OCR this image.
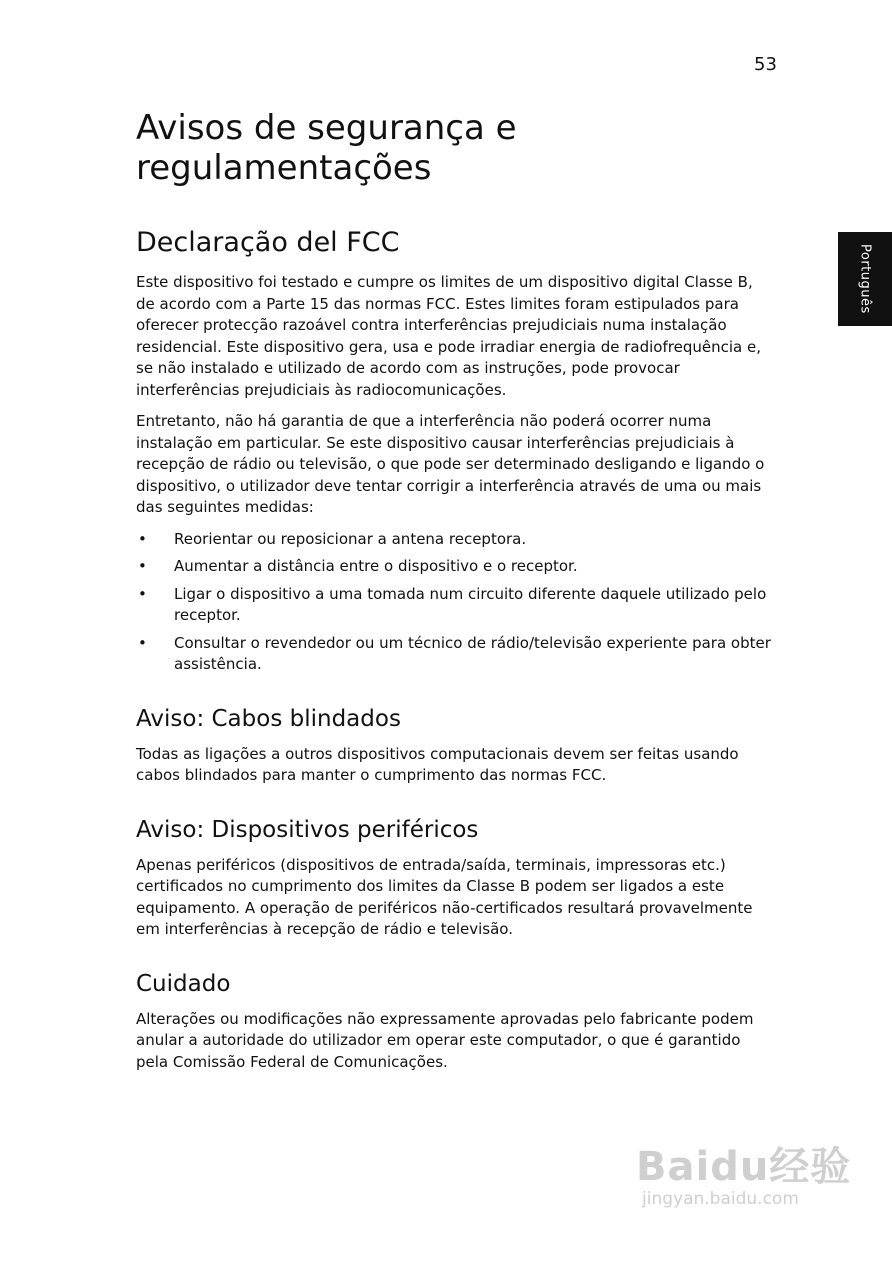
53
Português
Avisos de segurança e regulamentações
Declaração del FCC

Este dispositivo foi testado e cumpre os limites de um dispositivo digital Classe B, de acordo com a Parte 15 das normas FCC. Estes limites foram estipulados para oferecer protecção razoável contra interferências prejudiciais numa instalação residencial. Este dispositivo gera, usa e pode irradiar energia de radiofrequência e, se não instalado e utilizado de acordo com as instruções, pode provocar interferências prejudiciais às radiocomunicações.

Entretanto, não há garantia de que a interferência não poderá ocorrer numa instalação em particular. Se este dispositivo causar interferências prejudiciais à recepção de rádio ou televisão, o que pode ser determinado desligando e ligando o dispositivo, o utilizador deve tentar corrigir a interferência através de uma ou mais das seguintes medidas:

• Reorientar ou reposicionar a antena receptora.
• Aumentar a distância entre o dispositivo e o receptor.
• Ligar o dispositivo a uma tomada num circuito diferente daquele utilizado pelo receptor.
• Consultar o revendedor ou um técnico de rádio/televisão experiente para obter assistência.
Aviso: Cabos blindados

Todas as ligações a outros dispositivos computacionais devem ser feitas usando cabos blindados para manter o cumprimento das normas FCC.

Aviso: Dispositivos periféricos

Apenas periféricos (dispositivos de entrada/saída, terminais, impressoras etc.) certificados no cumprimento dos limites da Classe B podem ser ligados a este equipamento. A operação de periféricos não-certificados resultará provavelmente em interferências à recepção de rádio e televisão.

Cuidado

Alterações ou modificações não expressamente aprovadas pelo fabricante podem anular a autoridade do utilizador em operar este computador, o que é garantido pela Comissão Federal de Comunicações.

Baidu经验
jingyan.baidu.com
